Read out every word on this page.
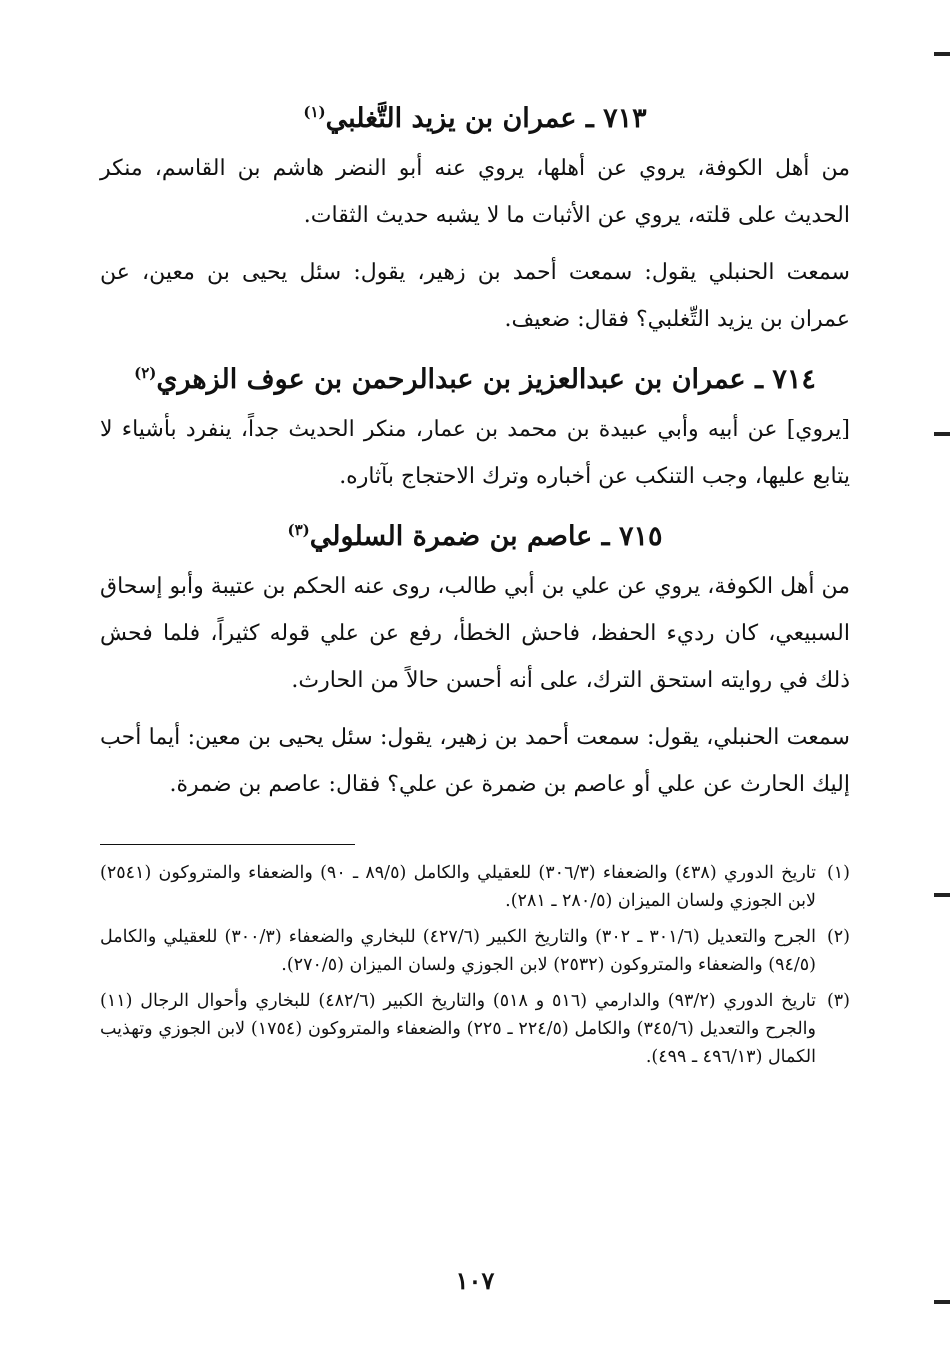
٧١٣ ـ عمران بن يزيد التَّغلبي$^{(١)}$

من أهل الكوفة، يروي عن أهلها، يروي عنه أبو النضر هاشم بن القاسم، منكر الحديث على قلته، يروي عن الأثبات ما لا يشبه حديث الثقات.

سمعت الحنبلي يقول: سمعت أحمد بن زهير، يقول: سئل يحيى بن معين، عن عمران بن يزيد التِّغلبي؟ فقال: ضعيف.

٧١٤ ـ عمران بن عبدالعزيز بن عبدالرحمن بن عوف الزهري$^{(٢)}$

[يروي] عن أبيه وأبي عبيدة بن محمد بن عمار، منكر الحديث جداً، ينفرد بأشياء لا يتابع عليها، وجب التنكب عن أخباره وترك الاحتجاج بآثاره.

٧١٥ ـ عاصم بن ضمرة السلولي$^{(٣)}$

من أهل الكوفة، يروي عن علي بن أبي طالب، روى عنه الحكم بن عتيبة وأبو إسحاق السبيعي، كان رديء الحفظ، فاحش الخطأ، رفع عن علي قوله كثيراً، فلما فحش ذلك في روايته استحق الترك، على أنه أحسن حالاً من الحارث.

سمعت الحنبلي، يقول: سمعت أحمد بن زهير، يقول: سئل يحيى بن معين: أيما أحب إليك الحارث عن علي أو عاصم بن ضمرة عن علي؟ فقال: عاصم بن ضمرة.

(١)
تاريخ الدوري (٤٣٨) والضعفاء (٣٠٦/٣) للعقيلي والكامل (٨٩/٥ ـ ٩٠) والضعفاء والمتروكون (٢٥٤١) لابن الجوزي ولسان الميزان (٢٨٠/٥ ـ ٢٨١).
(٢)
الجرح والتعديل (٣٠١/٦ ـ ٣٠٢) والتاريخ الكبير (٤٢٧/٦) للبخاري والضعفاء (٣٠٠/٣) للعقيلي والكامل (٩٤/٥) والضعفاء والمتروكون (٢٥٣٢) لابن الجوزي ولسان الميزان (٢٧٠/٥).
(٣)
تاريخ الدوري (٩٣/٢) والدارمي (٥١٦ و ٥١٨) والتاريخ الكبير (٤٨٢/٦) للبخاري وأحوال الرجال (١١) والجرح والتعديل (٣٤٥/٦) والكامل (٢٢٤/٥ ـ ٢٢٥) والضعفاء والمتروكون (١٧٥٤) لابن الجوزي وتهذيب الكمال (٤٩٦/١٣ ـ ٤٩٩).
١٠٧
